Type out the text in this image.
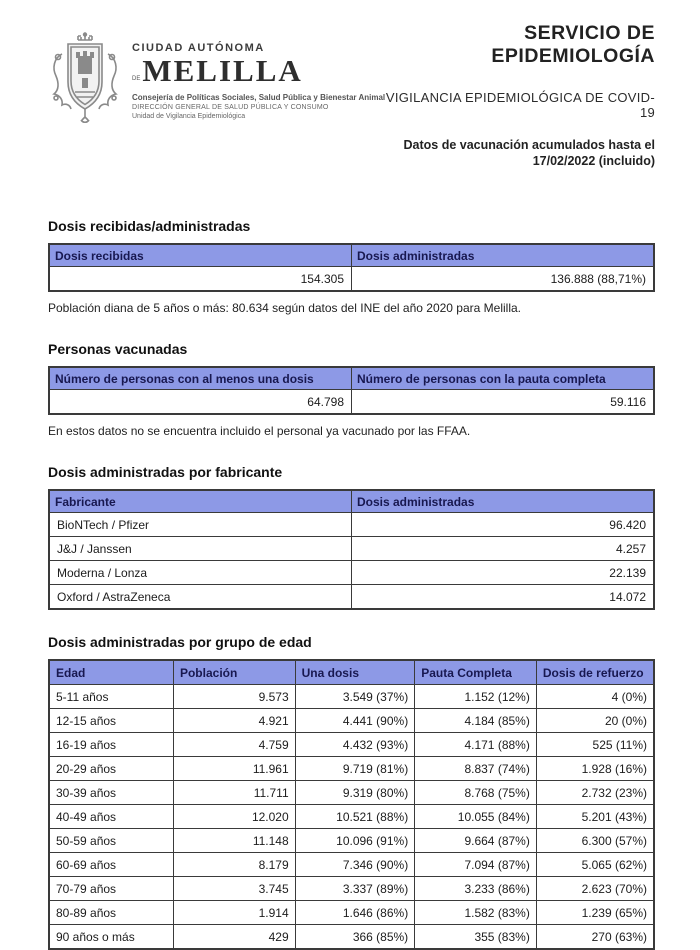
CIUDAD AUTÓNOMA
DE MELILLA
Consejería de Políticas Sociales, Salud Pública y Bienestar Animal
DIRECCIÓN GENERAL DE SALUD PÚBLICA Y CONSUMO
Unidad de Vigilancia Epidemiológica
SERVICIO DE EPIDEMIOLOGÍA
VIGILANCIA EPIDEMIOLÓGICA DE COVID-19
Datos de vacunación acumulados hasta el
17/02/2022 (incluido)
Dosis recibidas/administradas
Dosis recibidas	Dosis administradas
154.305	136.888 (88,71%)
Población diana de 5 años o más: 80.634 según datos del INE del año 2020 para Melilla.
Personas vacunadas
Número de personas con al menos una dosis	Número de personas con la pauta completa
64.798	59.116
En estos datos no se encuentra incluido el personal ya vacunado por las FFAA.
Dosis administradas por fabricante
Fabricante	Dosis administradas
BioNTech / Pfizer	96.420
J&J / Janssen	4.257
Moderna / Lonza	22.139
Oxford / AstraZeneca	14.072
Dosis administradas por grupo de edad
Edad	Población	Una dosis	Pauta Completa	Dosis de refuerzo
5-11 años	9.573	3.549 (37%)	1.152 (12%)	4 (0%)
12-15 años	4.921	4.441 (90%)	4.184 (85%)	20 (0%)
16-19 años	4.759	4.432 (93%)	4.171 (88%)	525 (11%)
20-29 años	11.961	9.719 (81%)	8.837 (74%)	1.928 (16%)
30-39 años	11.711	9.319 (80%)	8.768 (75%)	2.732 (23%)
40-49 años	12.020	10.521 (88%)	10.055 (84%)	5.201 (43%)
50-59 años	11.148	10.096 (91%)	9.664 (87%)	6.300 (57%)
60-69 años	8.179	7.346 (90%)	7.094 (87%)	5.065 (62%)
70-79 años	3.745	3.337 (89%)	3.233 (86%)	2.623 (70%)
80-89 años	1.914	1.646 (86%)	1.582 (83%)	1.239 (65%)
90 años o más	429	366 (85%)	355 (83%)	270 (63%)
